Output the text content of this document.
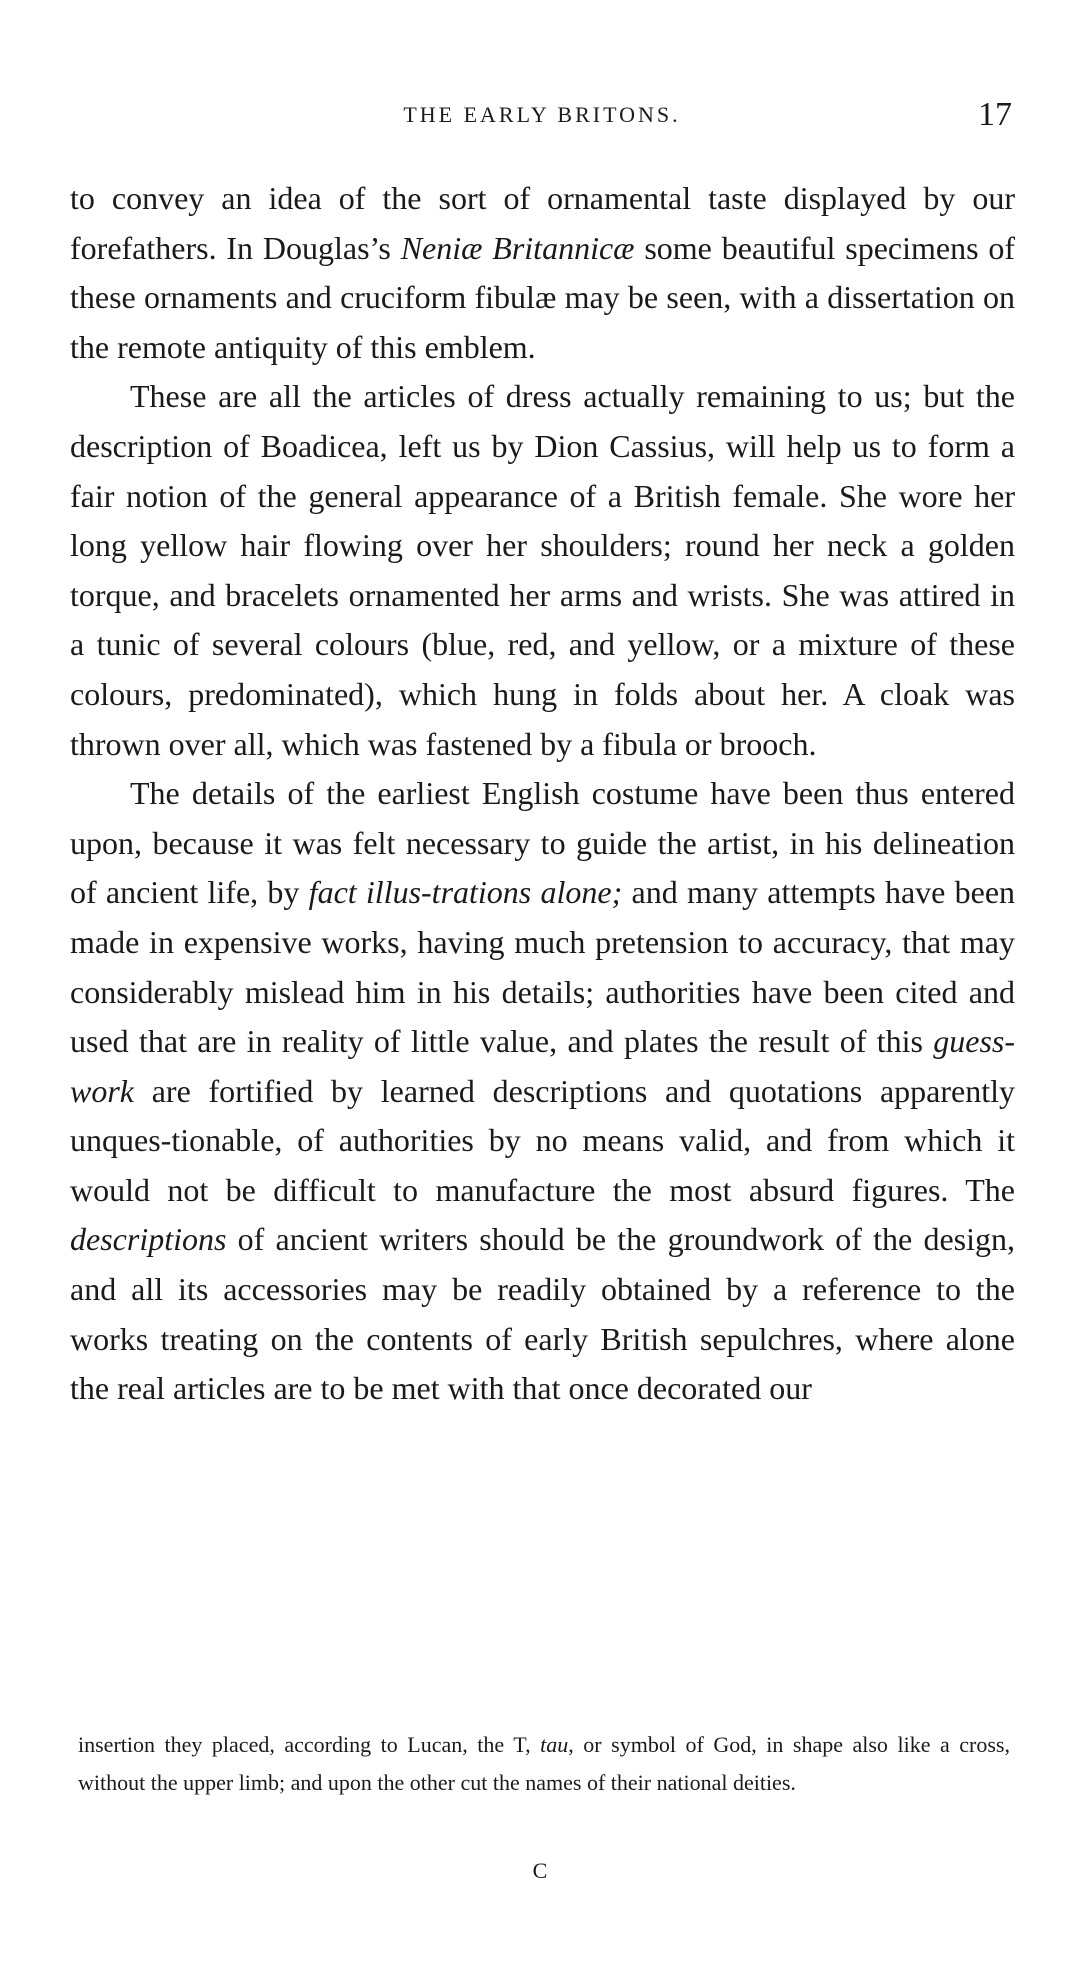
THE EARLY BRITONS.	17

to convey an idea of the sort of ornamental taste displayed by our forefathers. In Douglas’s Neniæ Britannicæ some beautiful specimens of these ornaments and cruciform fibulæ may be seen, with a dissertation on the remote antiquity of this emblem.

These are all the articles of dress actually remaining to us; but the description of Boadicea, left us by Dion Cassius, will help us to form a fair notion of the general appearance of a British female. She wore her long yellow hair flowing over her shoulders; round her neck a golden torque, and bracelets ornamented her arms and wrists. She was attired in a tunic of several colours (blue, red, and yellow, or a mixture of these colours, predominated), which hung in folds about her. A cloak was thrown over all, which was fastened by a fibula or brooch.

The details of the earliest English costume have been thus entered upon, because it was felt necessary to guide the artist, in his delineation of ancient life, by fact illus-trations alone; and many attempts have been made in expensive works, having much pretension to accuracy, that may considerably mislead him in his details; authorities have been cited and used that are in reality of little value, and plates the result of this guess-work are fortified by learned descriptions and quotations apparently unques-tionable, of authorities by no means valid, and from which it would not be difficult to manufacture the most absurd figures. The descriptions of ancient writers should be the groundwork of the design, and all its accessories may be readily obtained by a reference to the works treating on the contents of early British sepulchres, where alone the real articles are to be met with that once decorated our

insertion they placed, according to Lucan, the T, tau, or symbol of God, in shape also like a cross, without the upper limb; and upon the other cut the names of their national deities.

C
